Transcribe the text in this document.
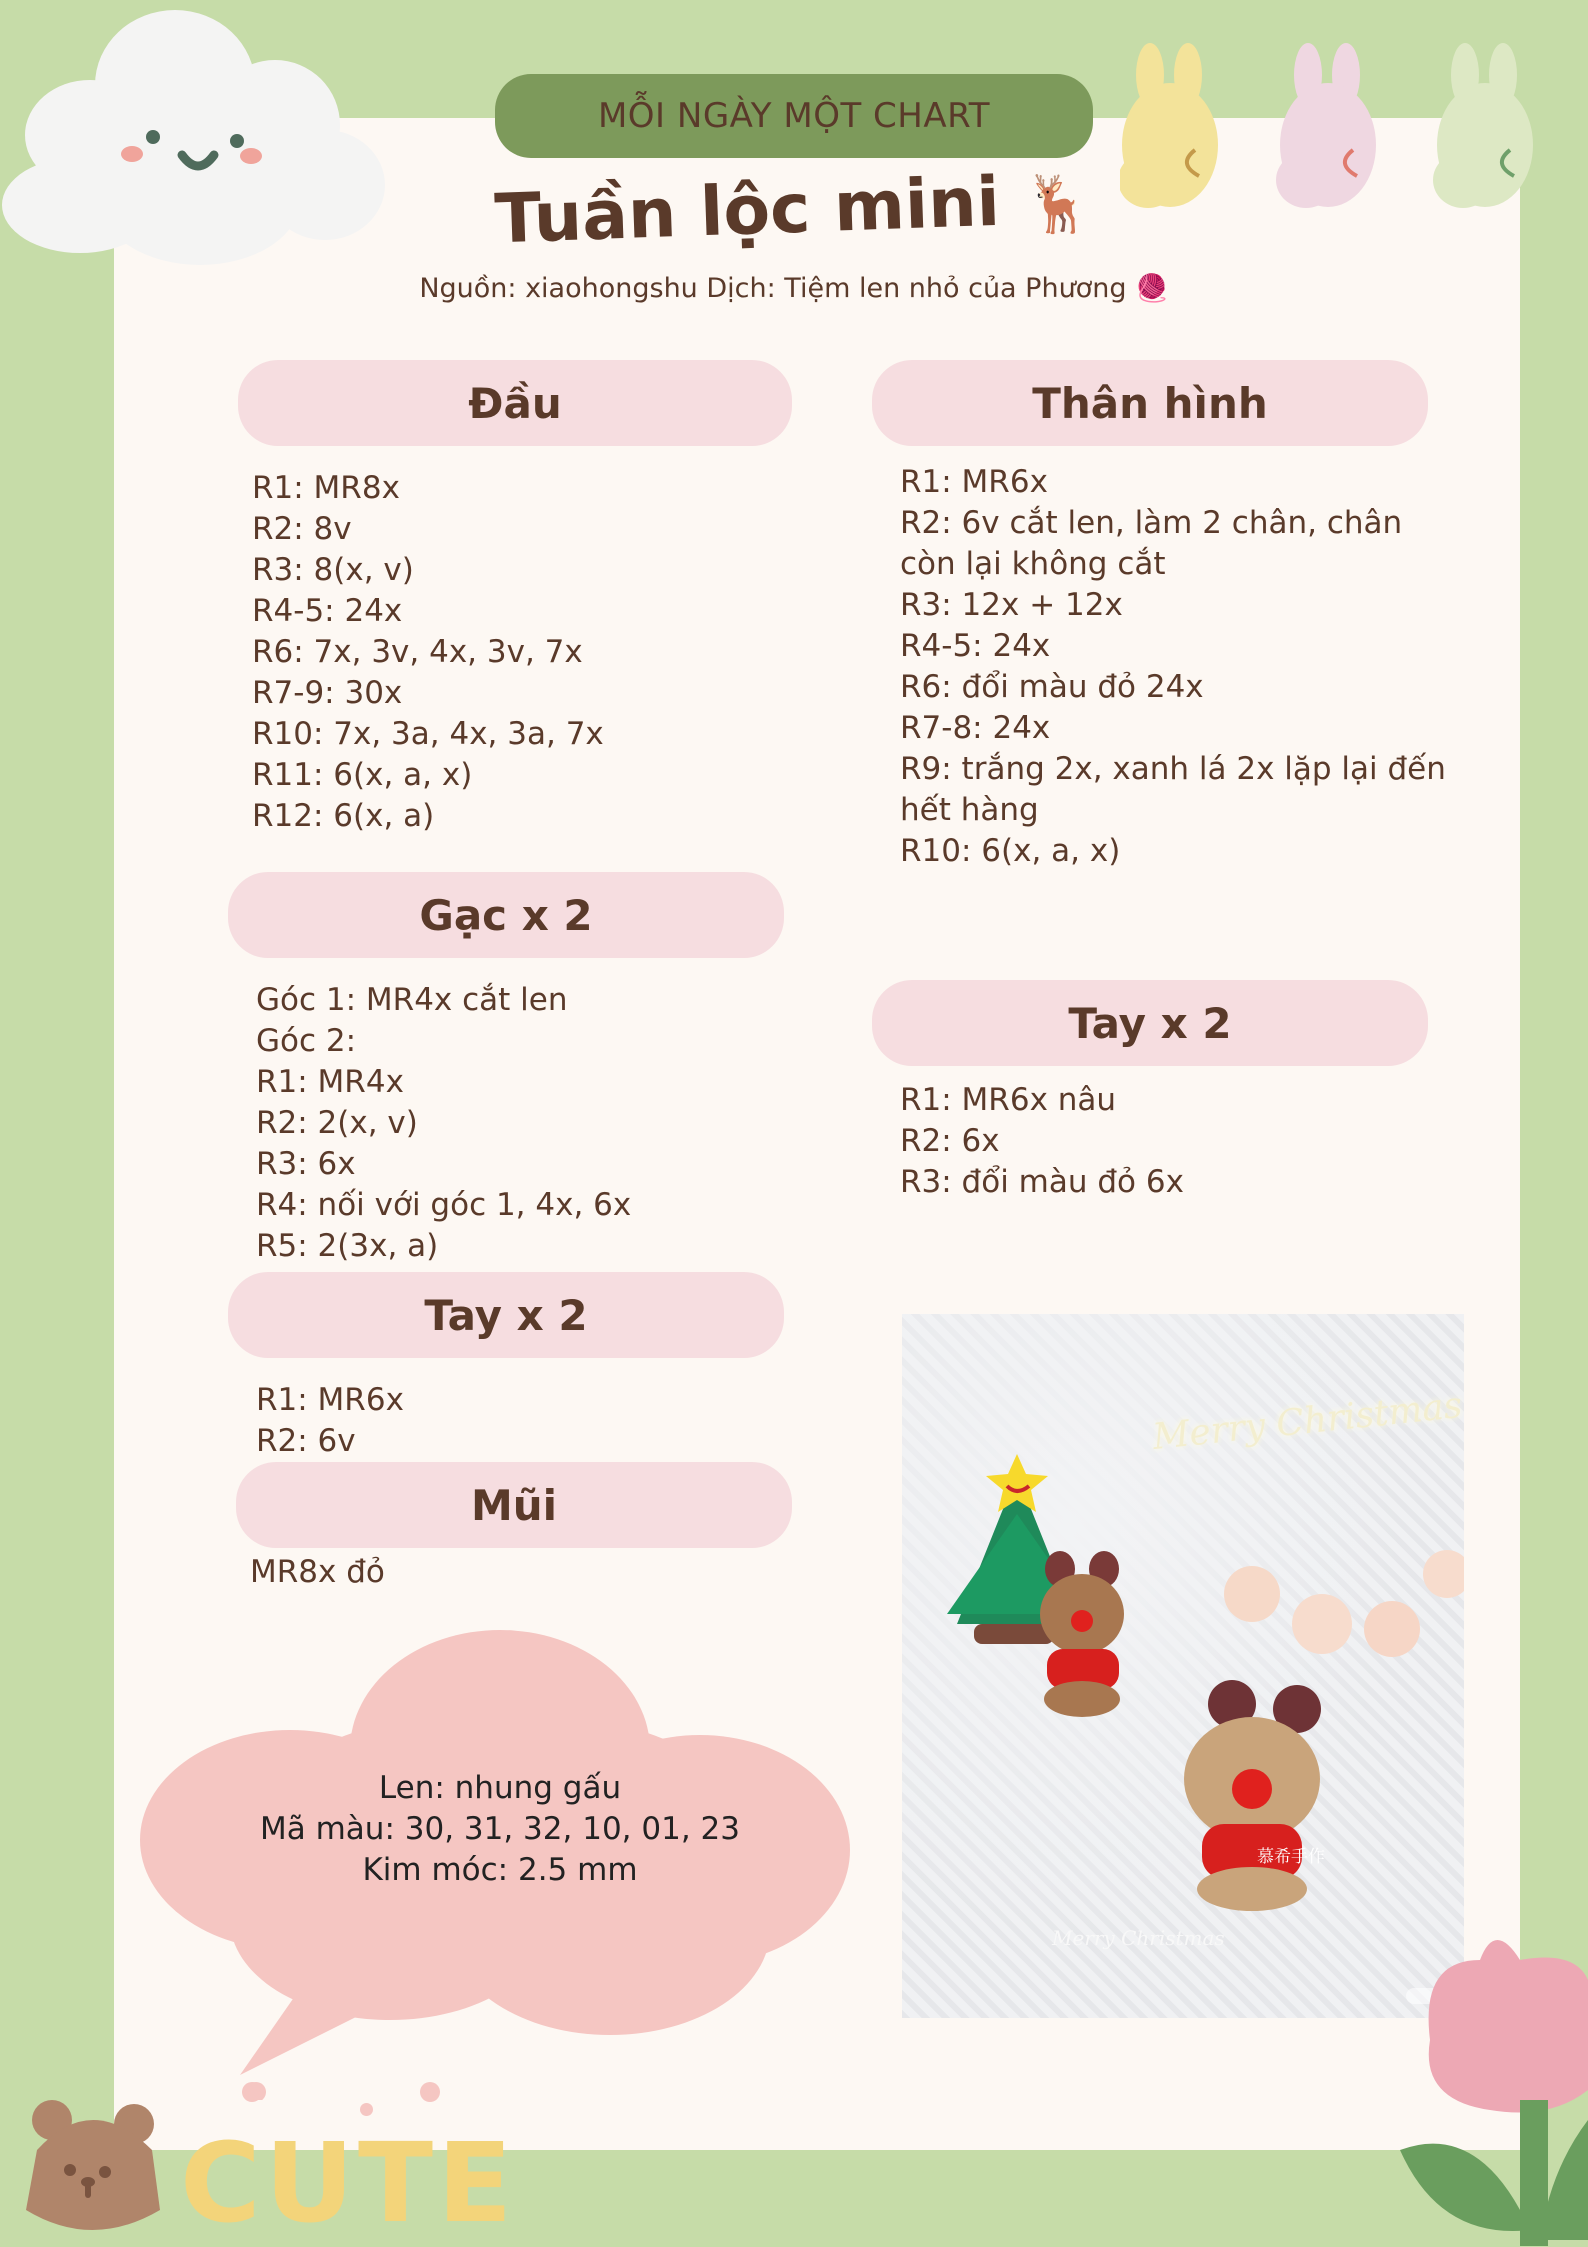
MỖI NGÀY MỘT CHART
Tuần lộc mini 🦌
Nguồn: xiaohongshu Dịch: Tiệm len nhỏ của Phương 🧶
Đầu
R1: MR8x
R2: 8v
R3: 8(x, v)
R4-5: 24x
R6: 7x, 3v, 4x, 3v, 7x
R7-9: 30x
R10: 7x, 3a, 4x, 3a, 7x
R11: 6(x, a, x)
R12: 6(x, a)
Gạc x 2
Góc 1: MR4x cắt len
Góc 2:
R1: MR4x
R2: 2(x, v)
R3: 6x
R4: nối với góc 1, 4x, 6x
R5: 2(3x, a)
Tay x 2
R1: MR6x
R2: 6v
Mũi
MR8x đỏ
Thân hình
R1: MR6x
R2: 6v cắt len, làm 2 chân, chân còn lại không cắt
R3: 12x + 12x
R4-5: 24x
R6: đổi màu đỏ 24x
R7-8: 24x
R9: trắng 2x, xanh lá 2x lặp lại đến hết hàng
R10: 6(x, a, x)
Tay x 2
R1: MR6x nâu
R2: 6x
R3: đổi màu đỏ 6x
Len: nhung gấu
Mã màu: 30, 31, 32, 10, 01, 23
Kim móc: 2.5 mm
Merry Christmas
慕希手作
Merry Christmas
CUTE
